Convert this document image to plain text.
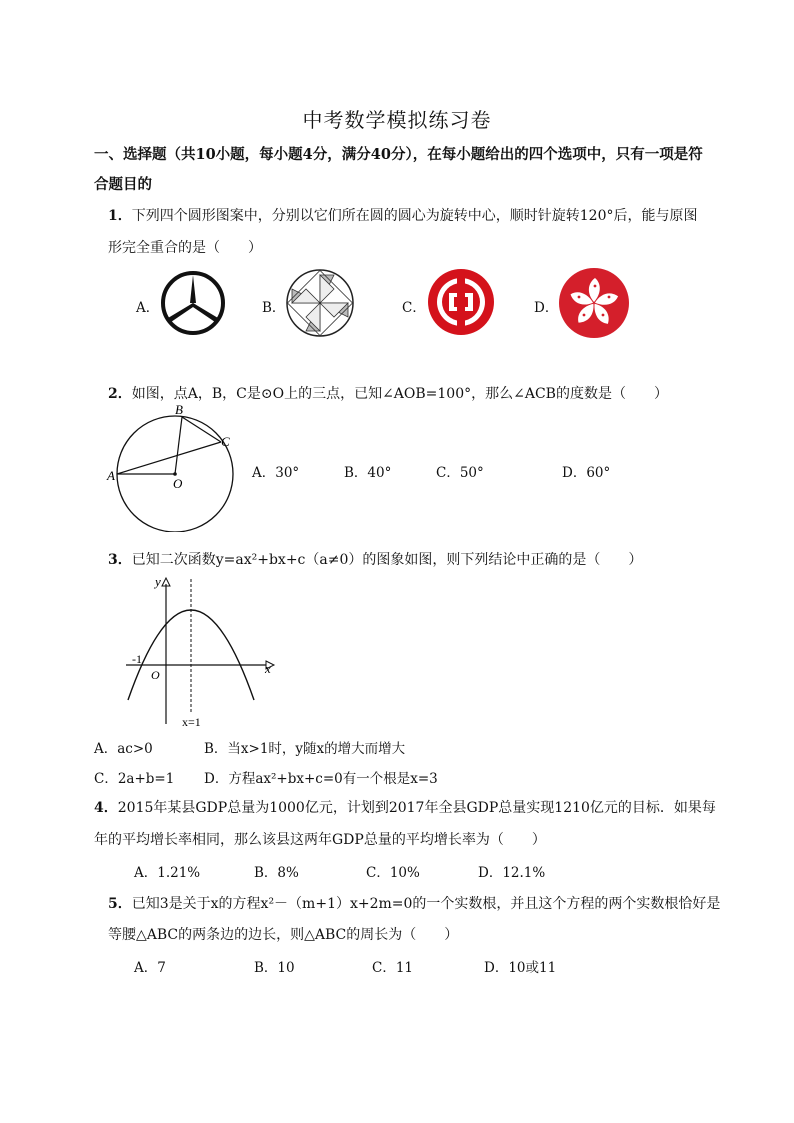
中考数学模拟练习卷
一、选择题（共10小题，每小题4分，满分40分），在每小题给出的四个选项中，只有一项是符
合题目的
1．下列四个圆形图案中，分别以它们所在圆的圆心为旋转中心，顺时针旋转120°后，能与原图
形完全重合的是（　　）
A．	B．	C．	D．
2．如图，点A，B，C是⊙O上的三点，已知∠AOB=100°，那么∠ACB的度数是（　　）
B
C
A
O
A．30°	B．40°	C．50°	D．60°
3．已知二次函数y=ax²+bx+c（a≠0）的图象如图，则下列结论中正确的是（　　）
y
x
-1
O
x=1
A．ac>0	B．当x>1时，y随x的增大而增大
C．2a+b=1 D．方程ax²+bx+c=0有一个根是x=3
4．2015年某县GDP总量为1000亿元，计划到2017年全县GDP总量实现1210亿元的目标．如果每
年的平均增长率相同，那么该县这两年GDP总量的平均增长率为（　　）
A．1.21%	B．8%	C．10%	D．12.1%
5．已知3是关于x的方程x²－（m+1）x+2m=0的一个实数根，并且这个方程的两个实数根恰好是
等腰△ABC的两条边的边长，则△ABC的周长为（　　）
A．7	B．10	C．11	D．10或11
